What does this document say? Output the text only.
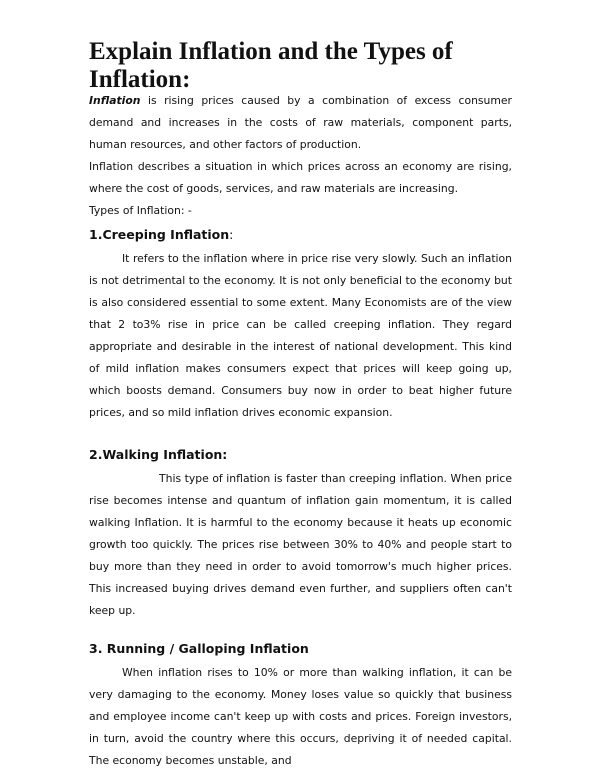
Explain Inflation and the Types of Inflation:

Inflation is rising prices caused by a combination of excess consumer demand and increases in the costs of raw materials, component parts, human resources, and other factors of production.

Inflation describes a situation in which prices across an economy are rising, where the cost of goods, services, and raw materials are increasing.

Types of Inflation: -

1.Creeping Inflation:

It refers to the inflation where in price rise very slowly. Such an inflation is not detrimental to the economy. It is not only beneficial to the economy but is also considered essential to some extent. Many Economists are of the view that 2 to3% rise in price can be called creeping inflation. They regard appropriate and desirable in the interest of national development. This kind of mild inflation makes consumers expect that prices will keep going up, which boosts demand. Consumers buy now in order to beat higher future prices, and so mild inflation drives economic expansion.

2.Walking Inflation:

This type of inflation is faster than creeping inflation. When price rise becomes intense and quantum of inflation gain momentum, it is called walking Inflation. It is harmful to the economy because it heats up economic growth too quickly. The prices rise between 30% to 40% and people start to buy more than they need in order to avoid tomorrow's much higher prices. This increased buying drives demand even further, and suppliers often can't keep up.

3. Running / Galloping Inflation

When inflation rises to 10% or more than walking inflation, it can be very damaging to the economy. Money loses value so quickly that business and employee income can't keep up with costs and prices. Foreign investors, in turn, avoid the country where this occurs, depriving it of needed capital. The economy becomes unstable, and
